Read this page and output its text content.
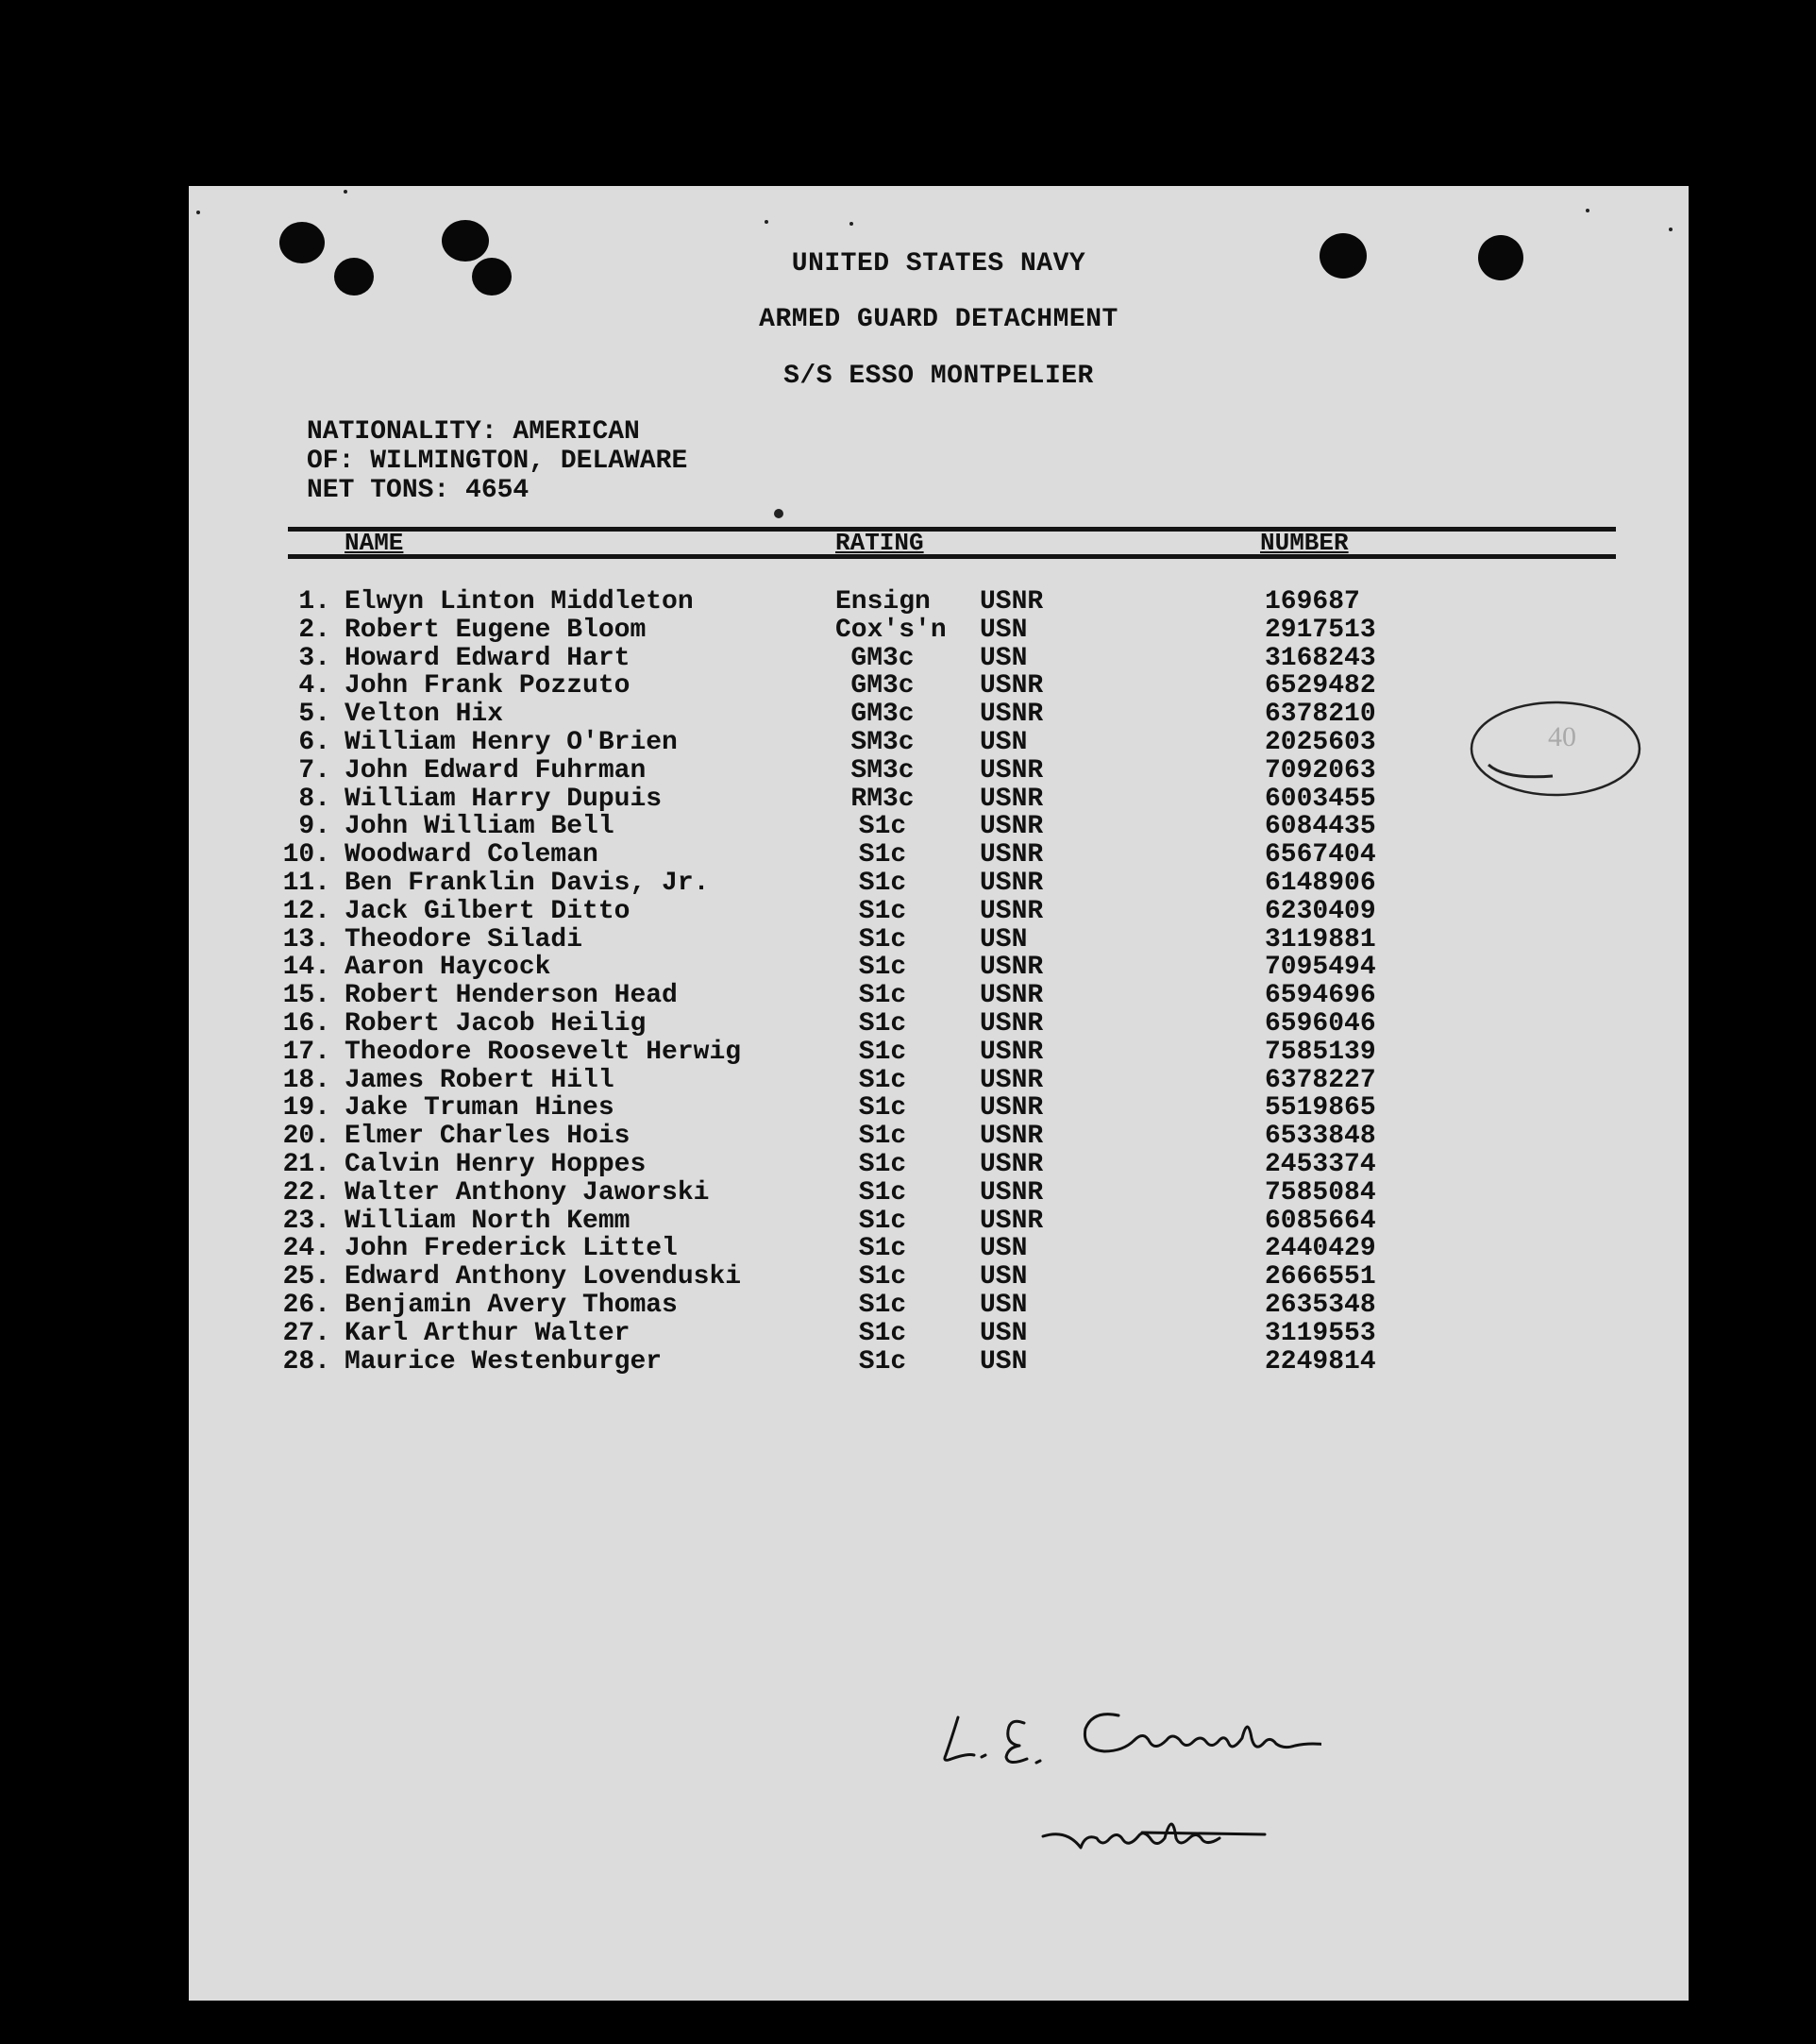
UNITED STATES NAVY
ARMED GUARD DETACHMENT
S/S ESSO MONTPELIER
NATIONALITY: AMERICAN
OF: WILMINGTON, DELAWARE
NET TONS: 4654
NAME	RATING	NUMBER
1. Elwyn Linton Middleton	Ensign USNR	169687
2. Robert Eugene Bloom	Cox's'n USN	2917513
3. Howard Edward Hart	GM3c	USN	3168243
4. John Frank Pozzuto	GM3c	USNR	6529482
5. Velton Hix	GM3c	USNR	6378210
6. William Henry O'Brien	SM3c	USN	2025603
7. John Edward Fuhrman	SM3c	USNR	7092063
8. William Harry Dupuis	RM3c	USNR	6003455
9. John William Bell	S1c	USNR	6084435
10. Woodward Coleman	S1c	USNR	6567404
11. Ben Franklin Davis, Jr.	S1c	USNR	6148906
12. Jack Gilbert Ditto	S1c	USNR	6230409
13. Theodore Siladi	S1c	USN	3119881
14. Aaron Haycock	S1c	USNR	7095494
15. Robert Henderson Head	S1c	USNR	6594696
16. Robert Jacob Heilig	S1c	USNR	6596046
17. Theodore Roosevelt Herwig	S1c	USNR	7585139
18. James Robert Hill	S1c	USNR	6378227
19. Jake Truman Hines	S1c	USNR	5519865
20. Elmer Charles Hois	S1c	USNR	6533848
21. Calvin Henry Hoppes	S1c	USNR	2453374
22. Walter Anthony Jaworski	S1c	USNR	7585084
23. William North Kemm	S1c	USNR	6085664
24. John Frederick Littel	S1c	USN	2440429
25. Edward Anthony Lovenduski	S1c	USN	2666551
26. Benjamin Avery Thomas	S1c	USN	2635348
27. Karl Arthur Walter	S1c	USN	3119553
28. Maurice Westenburger	S1c	USN	2249814
40
